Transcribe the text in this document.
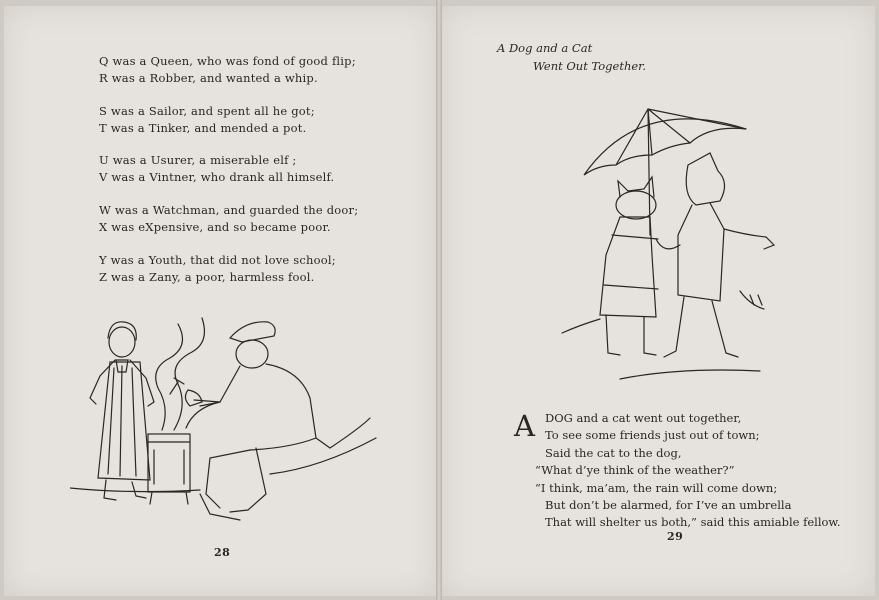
Q was a Queen, who was fond of good flip;
R was a Robber, and wanted a whip.
S was a Sailor, and spent all he got;
T was a Tinker, and mended a pot.
U was a Usurer, a miserable elf ;
V was a Vintner, who drank all himself.
W was a Watchman, and guarded the door;
X was eXpensive, and so became poor.
Y was a Youth, that did not love school;
Z was a Zany, a poor, harmless fool.
28
A Dog and a Cat
Went Out Together.
A DOG and a cat went out together,
To see some friends just out of town;
Said the cat to the dog,
“What d’ye think of the weather?”
“I think, ma’am, the rain will come down;
But don’t be alarmed, for I’ve an umbrella
That will shelter us both,” said this amiable fellow.
29
